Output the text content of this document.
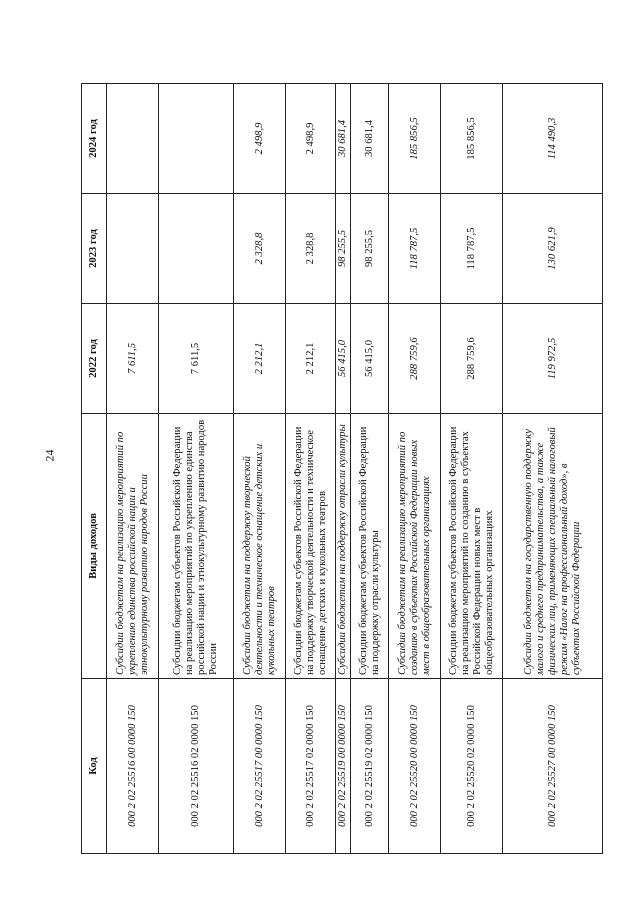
24
Код	Виды доходов	2022 год	2023 год	2024 год
000 2 02 25516 00 0000 150	Субсидии бюджетам на реализацию мероприятий по укреплению единства российской нации и этнокультурному развитию народов России	7 611,5		
000 2 02 25516 02 0000 150	Субсидии бюджетам субъектов Российской Федерации на реализацию мероприятий по укреплению единства российской нации и этнокультурному развитию народов России	7 611,5		
000 2 02 25517 00 0000 150	Субсидии бюджетам на поддержку творческой деятельности и техническое оснащение детских и кукольных театров	2 212,1	2 328,8	2 498,9
000 2 02 25517 02 0000 150	Субсидии бюджетам субъектов Российской Федерации на поддержку творческой деятельности и техническое оснащение детских и кукольных театров	2 212,1	2 328,8	2 498,9
000 2 02 25519 00 0000 150	Субсидии бюджетам на поддержку отрасли культуры	56 415,0	98 255,5	30 681,4
000 2 02 25519 02 0000 150	Субсидии бюджетам субъектов Российской Федерации на поддержку отрасли культуры	56 415,0	98 255,5	30 681,4
000 2 02 25520 00 0000 150	Субсидии бюджетам на реализацию мероприятий по созданию в субъектах Российской Федерации новых мест в общеобразовательных организациях	288 759,6	118 787,5	185 856,5
000 2 02 25520 02 0000 150	Субсидии бюджетам субъектов Российской Федерации на реализацию мероприятий по созданию в субъектах Российской Федерации новых мест в общеобразовательных организациях	288 759,6	118 787,5	185 856,5
000 2 02 25527 00 0000 150	Субсидии бюджетам на государственную поддержку малого и среднего предпринимательства, а также физических лиц, применяющих специальный налоговый режим «Налог на профессиональный доход», в субъектах Российской Федерации	119 972,5	130 621,9	114 490,3
